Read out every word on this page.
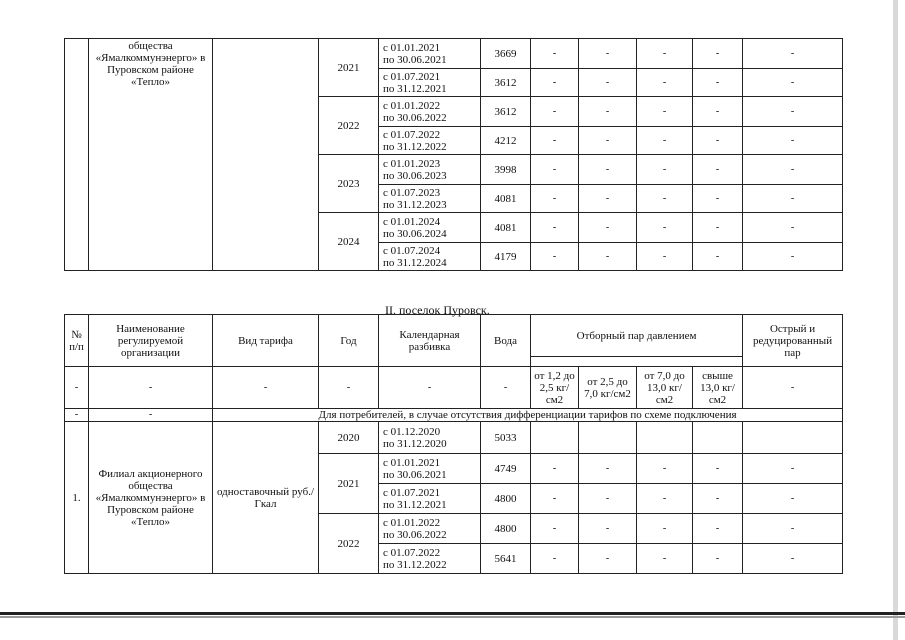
	общества «Ямалкоммунэнерго» в Пуровском районе «Тепло»		2021	с 01.01.2021
по 30.06.2021	3669	-	-	-	-	-

				с 01.07.2021
по 31.12.2021	3612	-	-	-	-	-
			2022	с 01.01.2022
по 30.06.2022	3612	-	-	-	-	-

				с 01.07.2022
по 31.12.2022	4212	-	-	-	-	-
			2023	с 01.01.2023
по 30.06.2023	3998	-	-	-	-	-

				с 01.07.2023
по 31.12.2023	4081	-	-	-	-	-
			2024	с 01.01.2024
по 30.06.2024	4081	-	-	-	-	-

				с 01.07.2024
по 31.12.2024	4179	-	-	-	-	-
II. поселок Пуровск.
№ п/п	Наименование регулируемой организации	Вид тарифа	Год	Календарная разбивка	Вода	Отборный пар давлением				Острый и редуцированный пар

-	-	-	-	-	-	от 1,2 до 2,5 кг/см2	от 2,5 до 7,0 кг/см2	от 7,0 до 13,0 кг/см2	свыше 13,0 кг/см2	-
-	-	Для потребителей, в случае отсутствия дифференциации тарифов по схеме подключения								
1.	Филиал акционерного общества «Ямалкоммунэнерго» в Пуровском районе «Тепло»	одноставочный руб./Гкал	2020	с 01.12.2020
по 31.12.2020	5033					
			2021	с 01.01.2021
по 30.06.2021	4749	-	-	-	-	-

				с 01.07.2021
по 31.12.2021	4800	-	-	-	-	-
			2022	с 01.01.2022
по 30.06.2022	4800	-	-	-	-	-

				с 01.07.2022
по 31.12.2022	5641	-	-	-	-	-
